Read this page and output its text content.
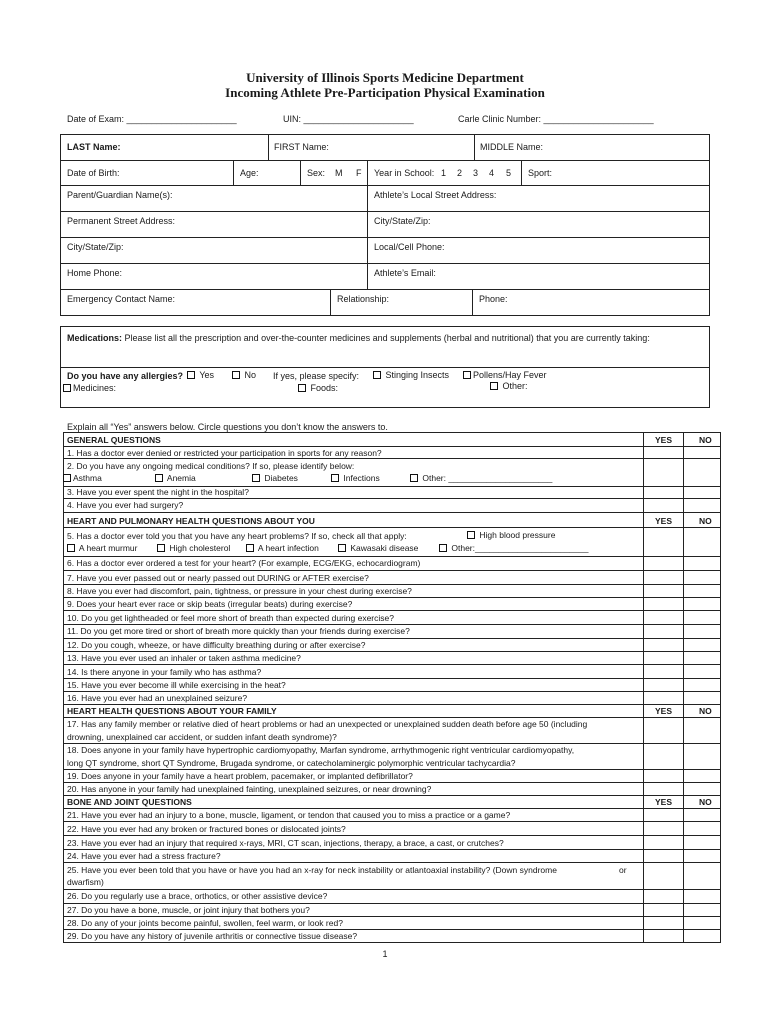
University of Illinois Sports Medicine Department
Incoming Athlete Pre-Participation Physical Examination
Date of Exam: ______________________	UIN: ______________________	Carle Clinic Number: ______________________
LAST Name:	FIRST Name:	MIDDLE Name:
Date of Birth:	Age:	Sex: M F Year in School: 1 2 3 4 5 Sport:
Parent/Guardian Name(s):	Athlete’s Local Street Address:
Permanent Street Address:	City/State/Zip:
City/State/Zip:	Local/Cell Phone:
Home Phone:	Athlete’s Email:
Emergency Contact Name:	Relationship:	Phone:
Medications: Please list all the prescription and over-the-counter medicines and supplements (herbal and nutritional) that you are currently taking:
Do you have any allergies?	Yes	No If yes, please specify:	Stinging Insects	Pollens/Hay Fever
Medicines:	Foods:	Other:
Explain all “Yes” answers below. Circle questions you don’t know the answers to.
GENERAL QUESTIONS	YES	NO
1. Has a doctor ever denied or restricted your participation in sports for any reason?
2. Do you have any ongoing medical conditions? If so, please identify below:
Asthma	Anemia	Diabetes	Infections	Other: ______________________
3. Have you ever spent the night in the hospital?
4. Have you ever had surgery?
HEART AND PULMONARY HEALTH QUESTIONS ABOUT YOU	YES	NO
5. Has a doctor ever told you that you have any heart problems? If so, check all that apply:	High blood pressure
A heart murmur	High cholesterol	A heart infection	Kawasaki disease	Other:________________________
6. Has a doctor ever ordered a test for your heart? (For example, ECG/EKG, echocardiogram)
7. Have you ever passed out or nearly passed out DURING or AFTER exercise?
8. Have you ever had discomfort, pain, tightness, or pressure in your chest during exercise?
9. Does your heart ever race or skip beats (irregular beats) during exercise?
10. Do you get lightheaded or feel more short of breath than expected during exercise?
11. Do you get more tired or short of breath more quickly than your friends during exercise?
12. Do you cough, wheeze, or have difficulty breathing during or after exercise?
13. Have you ever used an inhaler or taken asthma medicine?
14. Is there anyone in your family who has asthma?
15. Have you ever become ill while exercising in the heat?
16. Have you ever had an unexplained seizure?
HEART HEALTH QUESTIONS ABOUT YOUR FAMILY	YES	NO
17. Has any family member or relative died of heart problems or had an unexpected or unexplained sudden death before age 50 (including
drowning, unexplained car accident, or sudden infant death syndrome)?
18. Does anyone in your family have hypertrophic cardiomyopathy, Marfan syndrome, arrhythmogenic right ventricular cardiomyopathy,
long QT syndrome, short QT Syndrome, Brugada syndrome, or catecholaminergic polymorphic ventricular tachycardia?
19. Does anyone in your family have a heart problem, pacemaker, or implanted defibrillator?
20. Has anyone in your family had unexplained fainting, unexplained seizures, or near drowning?
BONE AND JOINT QUESTIONS	YES	NO
21. Have you ever had an injury to a bone, muscle, ligament, or tendon that caused you to miss a practice or a game?
22. Have you ever had any broken or fractured bones or dislocated joints?
23. Have you ever had an injury that required x-rays, MRI, CT scan, injections, therapy, a brace, a cast, or crutches?
24. Have you ever had a stress fracture?
25. Have you ever been told that you have or have you had an x-ray for neck instability or atlantoaxial instability? (Down syndrome	or
dwarfism)
26. Do you regularly use a brace, orthotics, or other assistive device?
27. Do you have a bone, muscle, or joint injury that bothers you?
28. Do any of your joints become painful, swollen, feel warm, or look red?
29. Do you have any history of juvenile arthritis or connective tissue disease?
1
